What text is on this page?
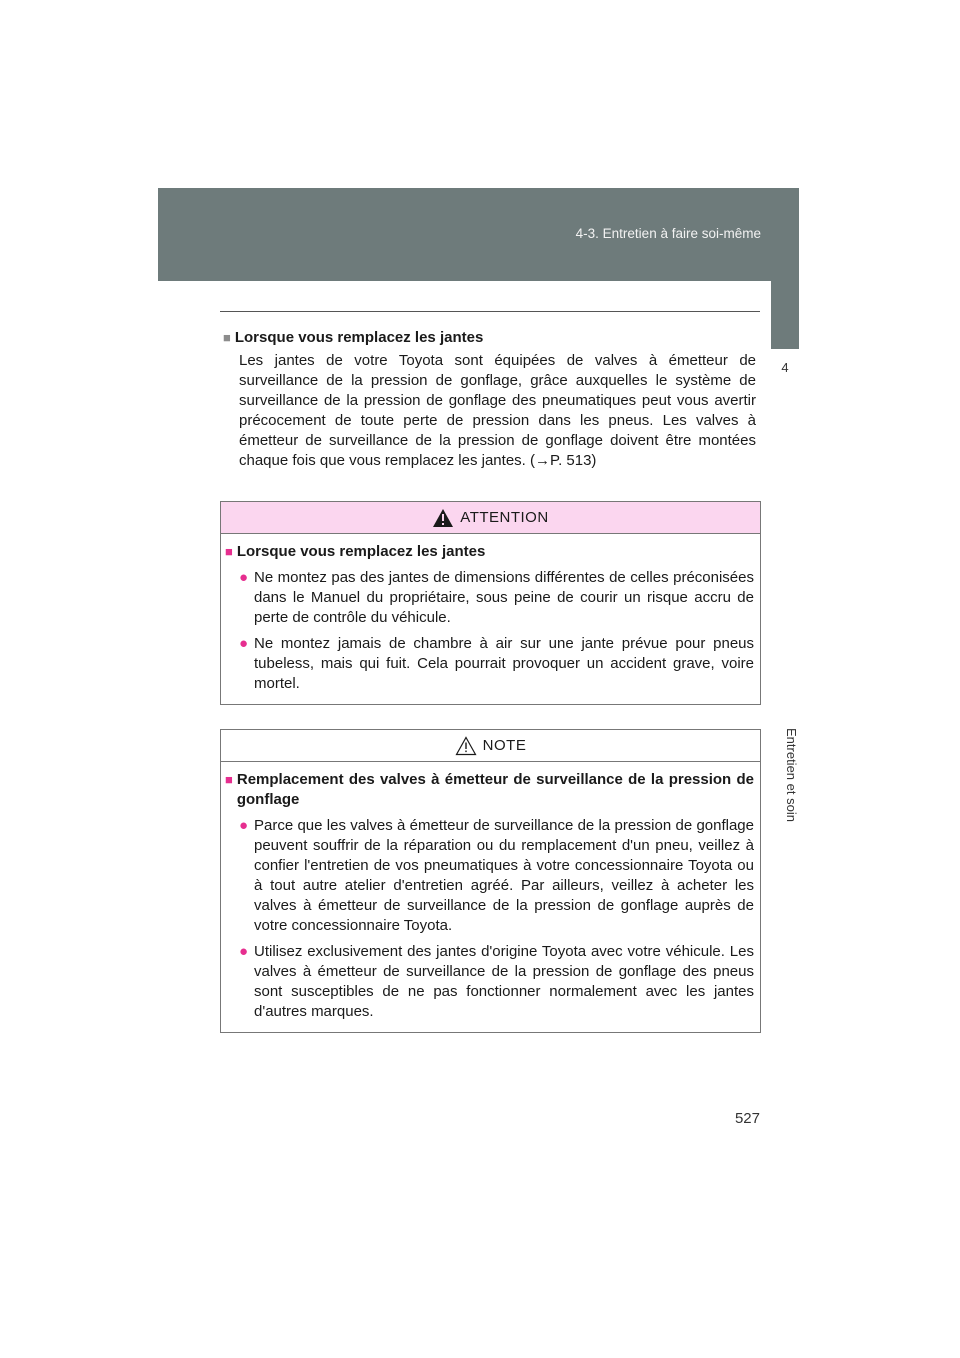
4-3. Entretien à faire soi-même
4
Entretien et soin
■ Lorsque vous remplacez les jantes
Les jantes de votre Toyota sont équipées de valves à émetteur de surveillance de la pression de gonflage, grâce auxquelles le système de surveillance de la pression de gonflage des pneumatiques peut vous avertir précocement de toute perte de pression dans les pneus. Les valves à émetteur de surveillance de la pression de gonflage doivent être montées chaque fois que vous remplacez les jantes. (→P. 513)
ATTENTION
■ Lorsque vous remplacez les jantes
● Ne montez pas des jantes de dimensions différentes de celles préconisées dans le Manuel du propriétaire, sous peine de courir un risque accru de perte de contrôle du véhicule.
● Ne montez jamais de chambre à air sur une jante prévue pour pneus tubeless, mais qui fuit. Cela pourrait provoquer un accident grave, voire mortel.
NOTE
■ Remplacement des valves à émetteur de surveillance de la pression de gonflage
● Parce que les valves à émetteur de surveillance de la pression de gonflage peuvent souffrir de la réparation ou du remplacement d'un pneu, veillez à confier l'entretien de vos pneumatiques à votre concessionnaire Toyota ou à tout autre atelier d'entretien agréé. Par ailleurs, veillez à acheter les valves à émetteur de surveillance de la pression de gonflage auprès de votre concessionnaire Toyota.
● Utilisez exclusivement des jantes d'origine Toyota avec votre véhicule. Les valves à émetteur de surveillance de la pression de gonflage des pneus sont susceptibles de ne pas fonctionner normalement avec les jantes d'autres marques.
527
